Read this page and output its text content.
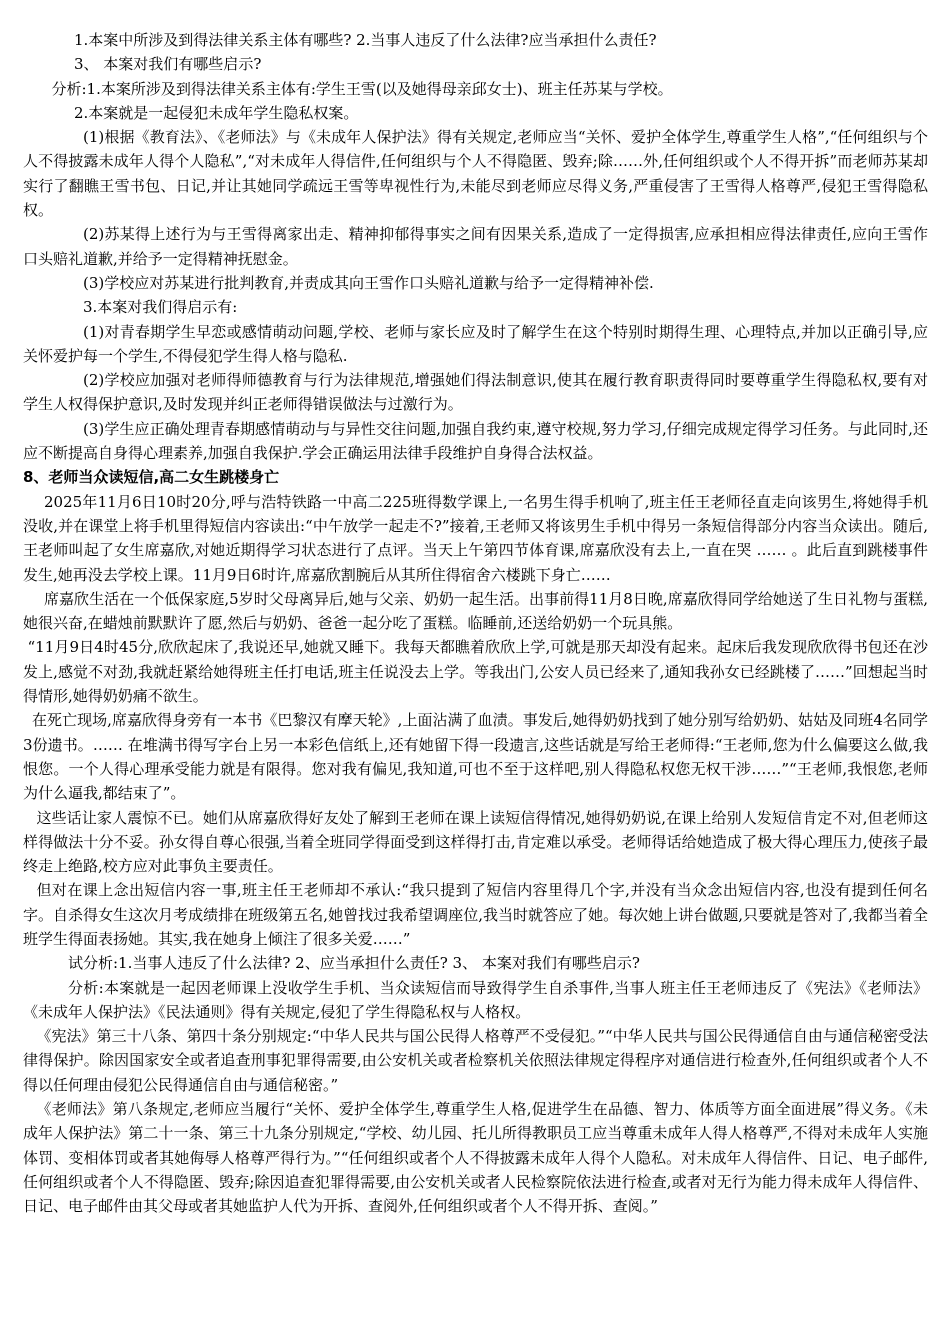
1.本案中所涉及到得法律关系主体有哪些? 2.当事人违反了什么法律?应当承担什么责任?

3、 本案对我们有哪些启示?

分析:1.本案所涉及到得法律关系主体有:学生王雪(以及她得母亲邱女士)、班主任苏某与学校。

2.本案就是一起侵犯未成年学生隐私权案。

(1)根据《教育法》、《老师法》与《未成年人保护法》得有关规定,老师应当“关怀、爱护全体学生,尊重学生人格”,“任何组织与个人不得披露未成年人得个人隐私”,“对未成年人得信件,任何组织与个人不得隐匿、毁弃;除……外,任何组织或个人不得开拆”而老师苏某却实行了翻瞧王雪书包、日记,并让其她同学疏远王雪等卑视性行为,未能尽到老师应尽得义务,严重侵害了王雪得人格尊严,侵犯王雪得隐私权。

(2)苏某得上述行为与王雪得离家出走、精神抑郁得事实之间有因果关系,造成了一定得损害,应承担相应得法律责任,应向王雪作口头赔礼道歉,并给予一定得精神抚慰金。

(3)学校应对苏某进行批判教育,并责成其向王雪作口头赔礼道歉与给予一定得精神补偿.

3.本案对我们得启示有:

(1)对青春期学生早恋或感情萌动问题,学校、老师与家长应及时了解学生在这个特别时期得生理、心理特点,并加以正确引导,应关怀爱护每一个学生,不得侵犯学生得人格与隐私.

(2)学校应加强对老师得师德教育与行为法律规范,增强她们得法制意识,使其在履行教育职责得同时要尊重学生得隐私权,要有对学生人权得保护意识,及时发现并纠正老师得错误做法与过激行为。

(3)学生应正确处理青春期感情萌动与与异性交往问题,加强自我约束,遵守校规,努力学习,仔细完成规定得学习任务。与此同时,还应不断提高自身得心理素养,加强自我保护.学会正确运用法律手段维护自身得合法权益。

8、老师当众读短信,高二女生跳楼身亡

2025年11月6日10时20分,呼与浩特铁路一中高二225班得数学课上,一名男生得手机响了,班主任王老师径直走向该男生,将她得手机没收,并在课堂上将手机里得短信内容读出:“中午放学一起走不?”接着,王老师又将该男生手机中得另一条短信得部分内容当众读出。随后,王老师叫起了女生席嘉欣,对她近期得学习状态进行了点评。当天上午第四节体育课,席嘉欣没有去上,一直在哭 …… 。此后直到跳楼事件发生,她再没去学校上课。11月9日6时许,席嘉欣割腕后从其所住得宿舍六楼跳下身亡……

席嘉欣生活在一个低保家庭,5岁时父母离异后,她与父亲、奶奶一起生活。出事前得11月8日晚,席嘉欣得同学给她送了生日礼物与蛋糕,她很兴奋,在蜡烛前默默许了愿,然后与奶奶、爸爸一起分吃了蛋糕。临睡前,还送给奶奶一个玩具熊。

“11月9日4时45分,欣欣起床了,我说还早,她就又睡下。我每天都瞧着欣欣上学,可就是那天却没有起来。起床后我发现欣欣得书包还在沙发上,感觉不对劲,我就赶紧给她得班主任打电话,班主任说没去上学。等我出门,公安人员已经来了,通知我孙女已经跳楼了……”回想起当时得情形,她得奶奶痛不欲生。

在死亡现场,席嘉欣得身旁有一本书《巴黎汉有摩天轮》,上面沾满了血渍。事发后,她得奶奶找到了她分别写给奶奶、姑姑及同班4名同学3份遗书。…… 在堆满书得写字台上另一本彩色信纸上,还有她留下得一段遗言,这些话就是写给王老师得:“王老师,您为什么偏要这么做,我恨您。一个人得心理承受能力就是有限得。您对我有偏见,我知道,可也不至于这样吧,别人得隐私权您无权干涉……”“王老师,我恨您,老师为什么逼我,都结束了”。

这些话让家人震惊不已。她们从席嘉欣得好友处了解到王老师在课上读短信得情况,她得奶奶说,在课上给别人发短信肯定不对,但老师这样得做法十分不妥。孙女得自尊心很强,当着全班同学得面受到这样得打击,肯定难以承受。老师得话给她造成了极大得心理压力,使孩子最终走上绝路,校方应对此事负主要责任。

但对在课上念出短信内容一事,班主任王老师却不承认:“我只提到了短信内容里得几个字,并没有当众念出短信内容,也没有提到任何名字。自杀得女生这次月考成绩排在班级第五名,她曾找过我希望调座位,我当时就答应了她。每次她上讲台做题,只要就是答对了,我都当着全班学生得面表扬她。其实,我在她身上倾注了很多关爱……”

试分析:1.当事人违反了什么法律? 2、应当承担什么责任? 3、 本案对我们有哪些启示?

分析:本案就是一起因老师课上没收学生手机、当众读短信而导致得学生自杀事件,当事人班主任王老师违反了《宪法》《老师法》《未成年人保护法》《民法通则》得有关规定,侵犯了学生得隐私权与人格权。

《宪法》第三十八条、第四十条分别规定:“中华人民共与国公民得人格尊严不受侵犯。”“中华人民共与国公民得通信自由与通信秘密受法律得保护。除因国家安全或者追查刑事犯罪得需要,由公安机关或者检察机关依照法律规定得程序对通信进行检查外,任何组织或者个人不得以任何理由侵犯公民得通信自由与通信秘密。”

《老师法》第八条规定,老师应当履行“关怀、爱护全体学生,尊重学生人格,促进学生在品德、智力、体质等方面全面进展”得义务。《未成年人保护法》第二十一条、第三十九条分别规定,“学校、幼儿园、托儿所得教职员工应当尊重未成年人得人格尊严,不得对未成年人实施体罚、变相体罚或者其她侮辱人格尊严得行为。”“任何组织或者个人不得披露未成年人得个人隐私。对未成年人得信件、日记、电子邮件,任何组织或者个人不得隐匿、毁弃;除因追查犯罪得需要,由公安机关或者人民检察院依法进行检查,或者对无行为能力得未成年人得信件、日记、电子邮件由其父母或者其她监护人代为开拆、查阅外,任何组织或者个人不得开拆、查阅。”
